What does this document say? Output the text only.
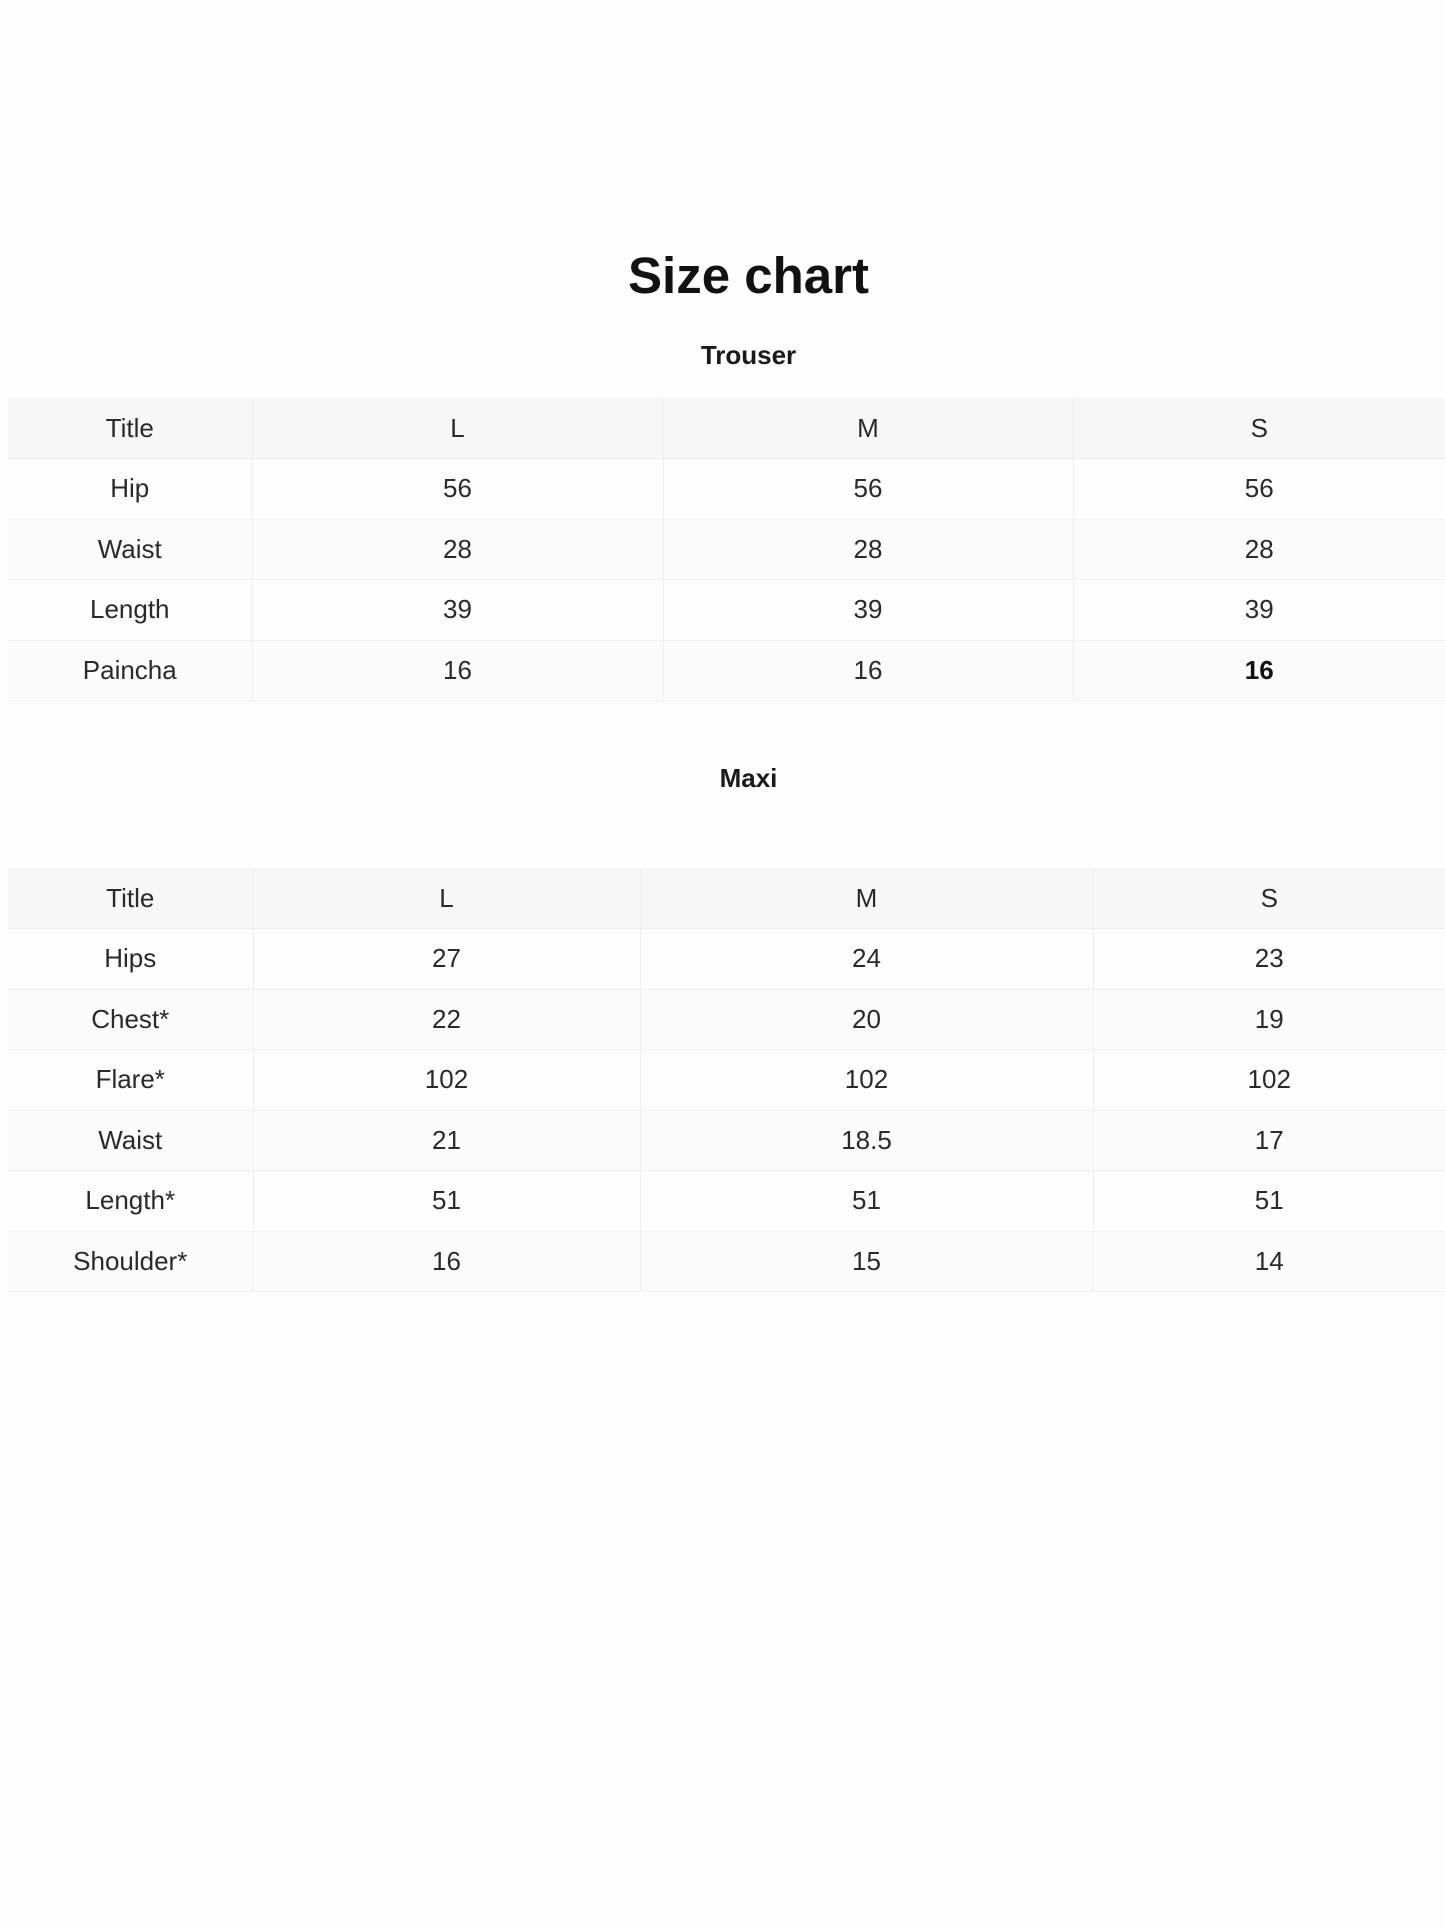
Size chart
Trouser
Title	L	M	S
Hip	56	56	56
Waist	28	28	28
Length	39	39	39
Paincha	16	16	16
Maxi
Title	L	M	S
Hips	27	24	23
Chest*	22	20	19
Flare*	102	102	102
Waist	21	18.5	17
Length*	51	51	51
Shoulder*	16	15	14
